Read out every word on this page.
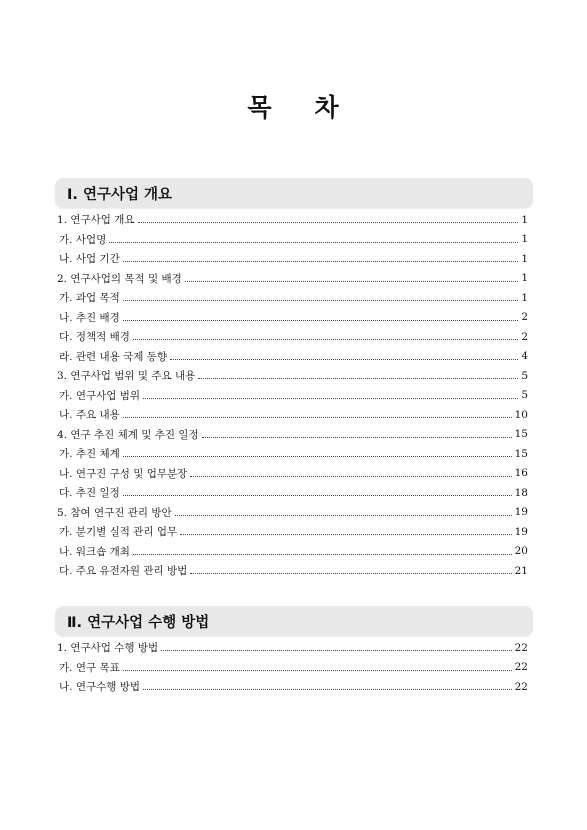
목 차
Ⅰ. 연구사업 개요
1. 연구사업 개요	1
가. 사업명	1
나. 사업 기간	1
2. 연구사업의 목적 및 배경	1
가. 과업 목적	1
나. 추진 배경	2
다. 정책적 배경	2
라. 관련 내용 국제 동향	4
3. 연구사업 범위 및 주요 내용	5
가. 연구사업 범위	5
나. 주요 내용	10
4. 연구 추진 체계 및 추진 일정	15
가. 추진 체계	15
나. 연구진 구성 및 업무분장	16
다. 추진 일정	18
5. 참여 연구진 관리 방안	19
가. 분기별 실적 관리 업무	19
나. 워크숍 개최	20
다. 주요 유전자원 관리 방법	21
Ⅱ. 연구사업 수행 방법
1. 연구사업 수행 방법	22
가. 연구 목표	22
나. 연구수행 방법	22
